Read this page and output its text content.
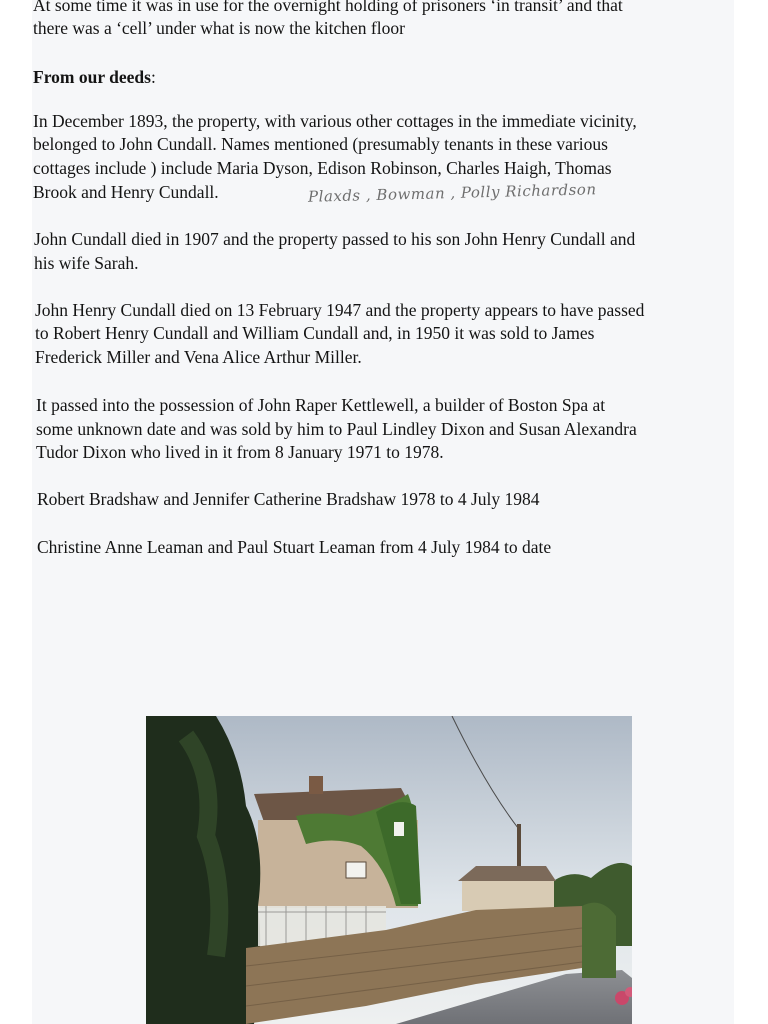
At some time it was in use for the overnight holding of prisoners ‘in transit’ and that

there was a ‘cell’ under what is now the kitchen floor

From our deeds:

In December 1893, the property, with various other cottages in the immediate vicinity,

belonged to John Cundall. Names mentioned (presumably tenants in these various

cottages include ) include Maria Dyson, Edison Robinson, Charles Haigh, Thomas

Brook and Henry Cundall.

John Cundall died in 1907 and the property passed to his son John Henry Cundall and

his wife Sarah.

John Henry Cundall died on 13 February 1947 and the property appears to have passed

to Robert Henry Cundall and William Cundall and, in 1950 it was sold to James

Frederick Miller and Vena Alice Arthur Miller.

It passed into the possession of John Raper Kettlewell, a builder of Boston Spa at

some unknown date and was sold by him to Paul Lindley Dixon and Susan Alexandra

Tudor Dixon who lived in it from 8 January 1971 to 1978.

Robert Bradshaw and Jennifer Catherine Bradshaw 1978 to 4 July 1984

Christine Anne Leaman and Paul Stuart Leaman from 4 July 1984 to date

Plaxds , Bowman , Polly Richardson
